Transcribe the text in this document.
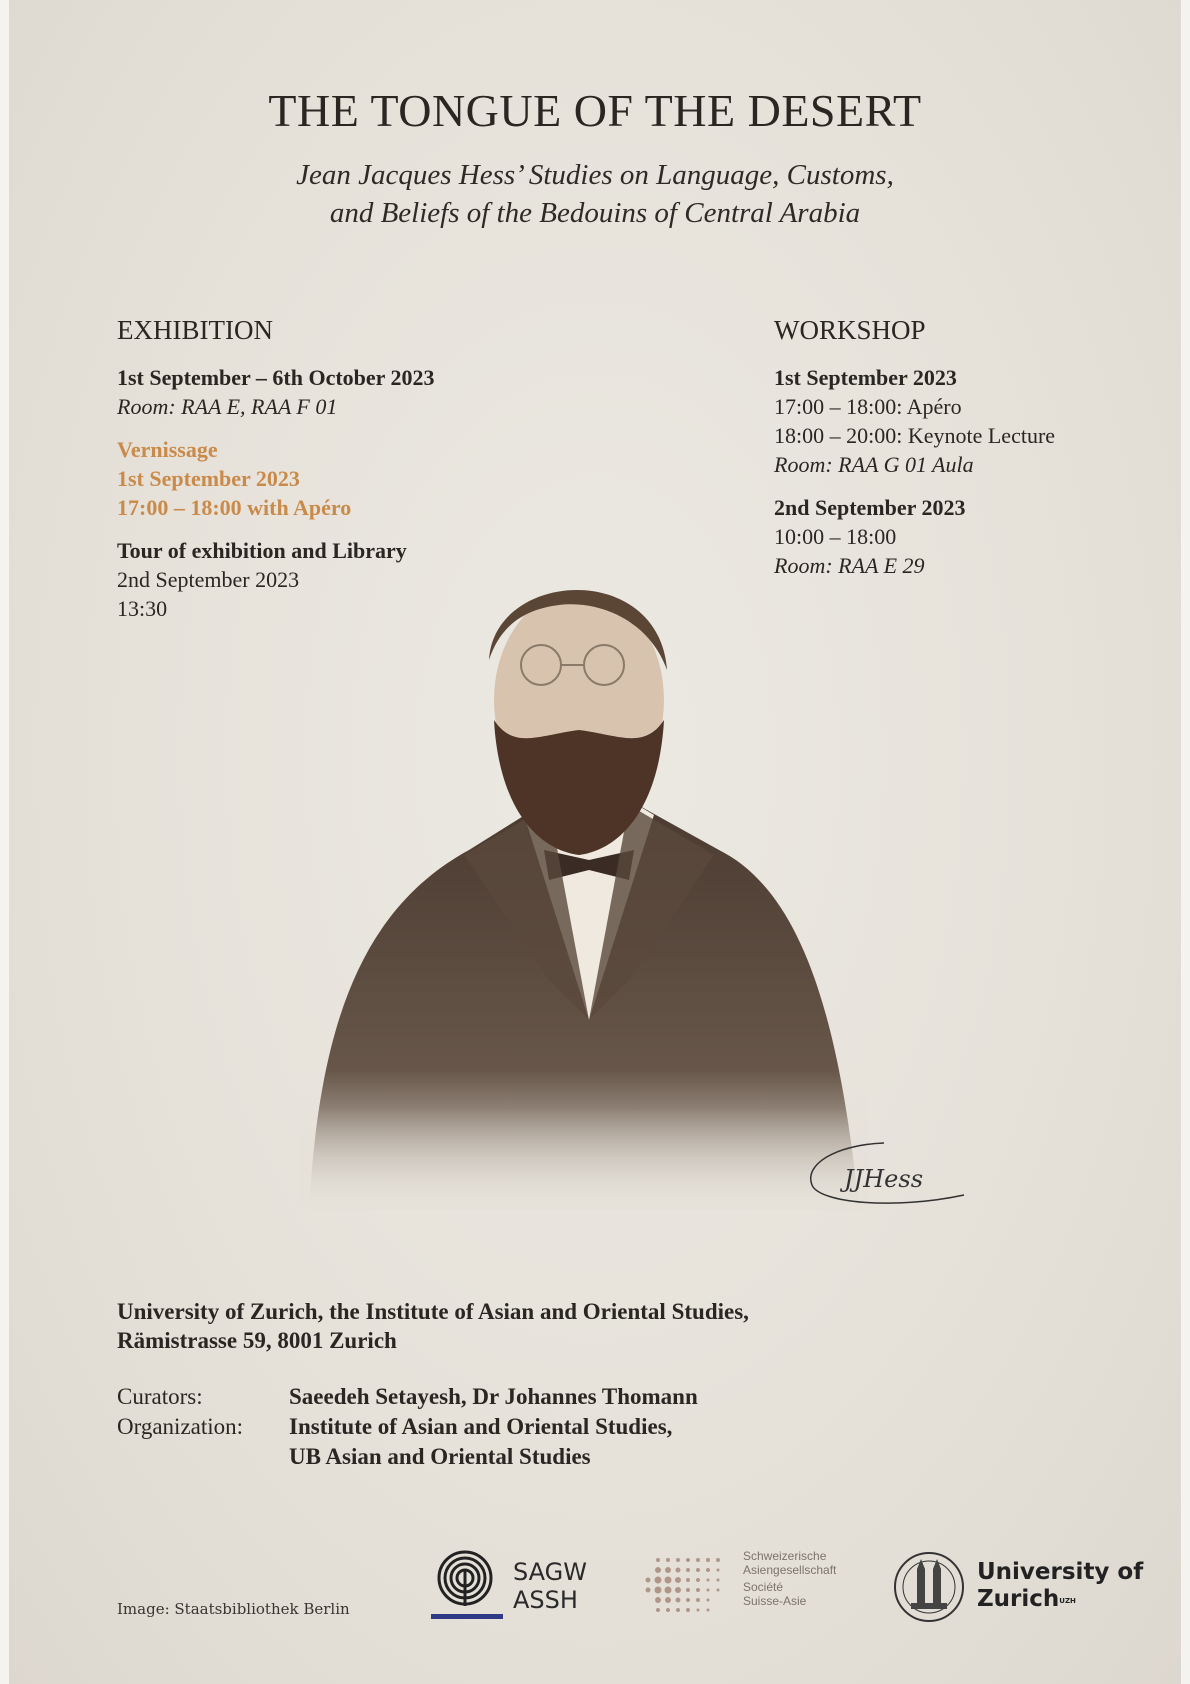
THE TONGUE OF THE DESERT
Jean Jacques Hess’ Studies on Language, Customs,
and Beliefs of the Bedouins of Central Arabia
EXHIBITION
1st September – 6th October 2023
Room: RAA E, RAA F 01
Vernissage
1st September 2023
17:00 – 18:00 with Apéro
Tour of exhibition and Library
2nd September 2023
13:30
WORKSHOP
1st September 2023
17:00 – 18:00: Apéro
18:00 – 20:00: Keynote Lecture
Room: RAA G 01 Aula
2nd September 2023
10:00 – 18:00
Room: RAA E 29
JJHess
University of Zurich, the Institute of Asian and Oriental Studies,
Rämistrasse 59, 8001 Zurich
Curators:	Saeedeh Setayesh, Dr Johannes Thomann
Organization:	Institute of Asian and Oriental Studies,
UB Asian and Oriental Studies
Image: Staatsbibliothek Berlin
SAGW
ASSH
Schweizerische
Asiengesellschaft
Société
Suisse-Asie
University of
Zurich$^{UZH}$
